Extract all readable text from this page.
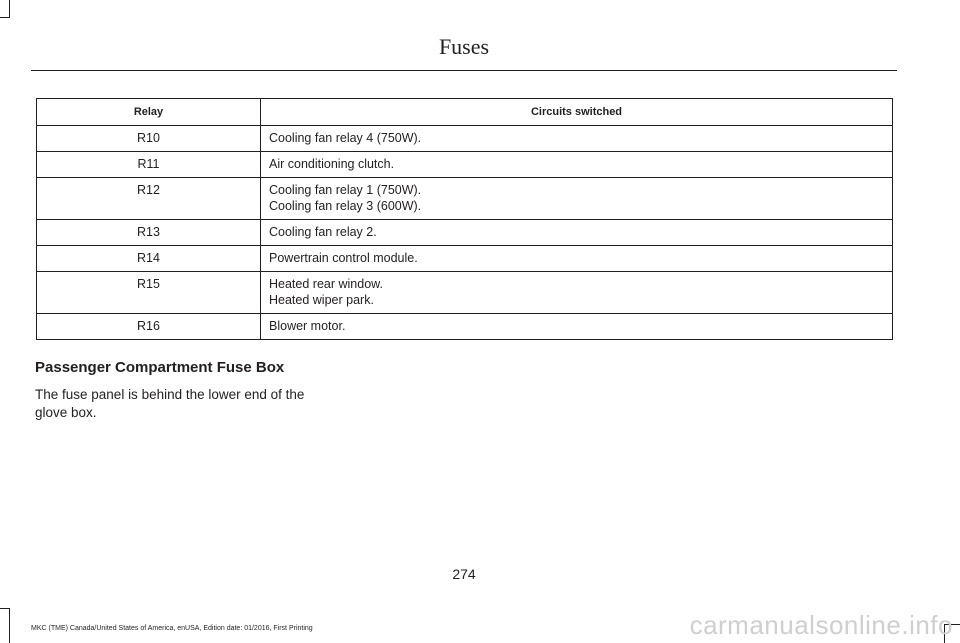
Fuses
Relay	Circuits switched
R10	Cooling fan relay 4 (750W).

R11	Air conditioning clutch.

R12	Cooling fan relay 1 (750W).
Cooling fan relay 3 (600W).

R13	Cooling fan relay 2.

R14	Powertrain control module.

R15	Heated rear window.
Heated wiper park.

R16	Blower motor.
Passenger Compartment Fuse Box
The fuse panel is behind the lower end of the glove box.
274
MKC (TME) Canada/United States of America, enUSA, Edition date: 01/2016, First Printing	carmanualsonline.info
